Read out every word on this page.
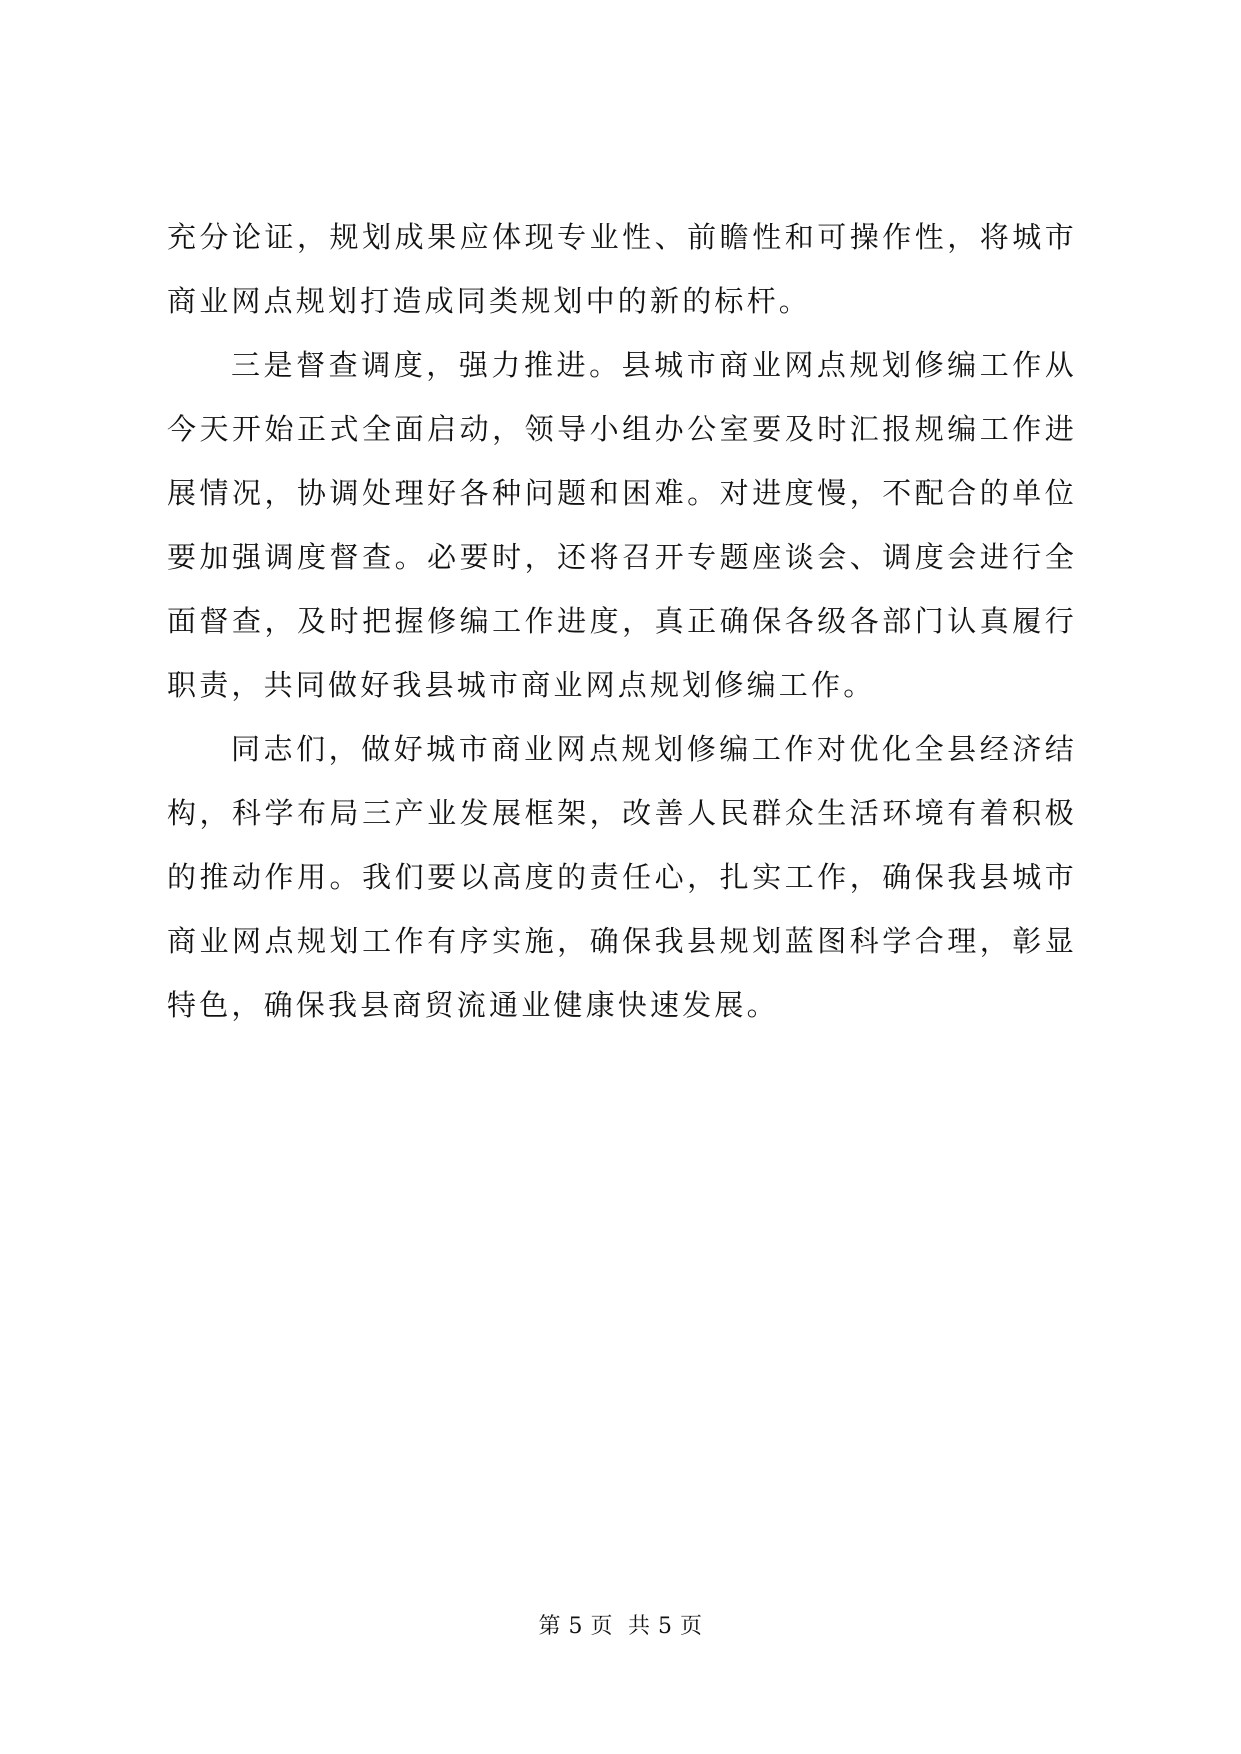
充分论证，规划成果应体现专业性、前瞻性和可操作性，将城市商业网点规划打造成同类规划中的新的标杆。

三是督查调度，强力推进。县城市商业网点规划修编工作从今天开始正式全面启动，领导小组办公室要及时汇报规编工作进展情况，协调处理好各种问题和困难。对进度慢，不配合的单位要加强调度督查。必要时，还将召开专题座谈会、调度会进行全面督查，及时把握修编工作进度，真正确保各级各部门认真履行职责，共同做好我县城市商业网点规划修编工作。

同志们，做好城市商业网点规划修编工作对优化全县经济结构，科学布局三产业发展框架，改善人民群众生活环境有着积极的推动作用。我们要以高度的责任心，扎实工作，确保我县城市商业网点规划工作有序实施，确保我县规划蓝图科学合理，彰显特色，确保我县商贸流通业健康快速发展。

第 5 页  共 5 页
